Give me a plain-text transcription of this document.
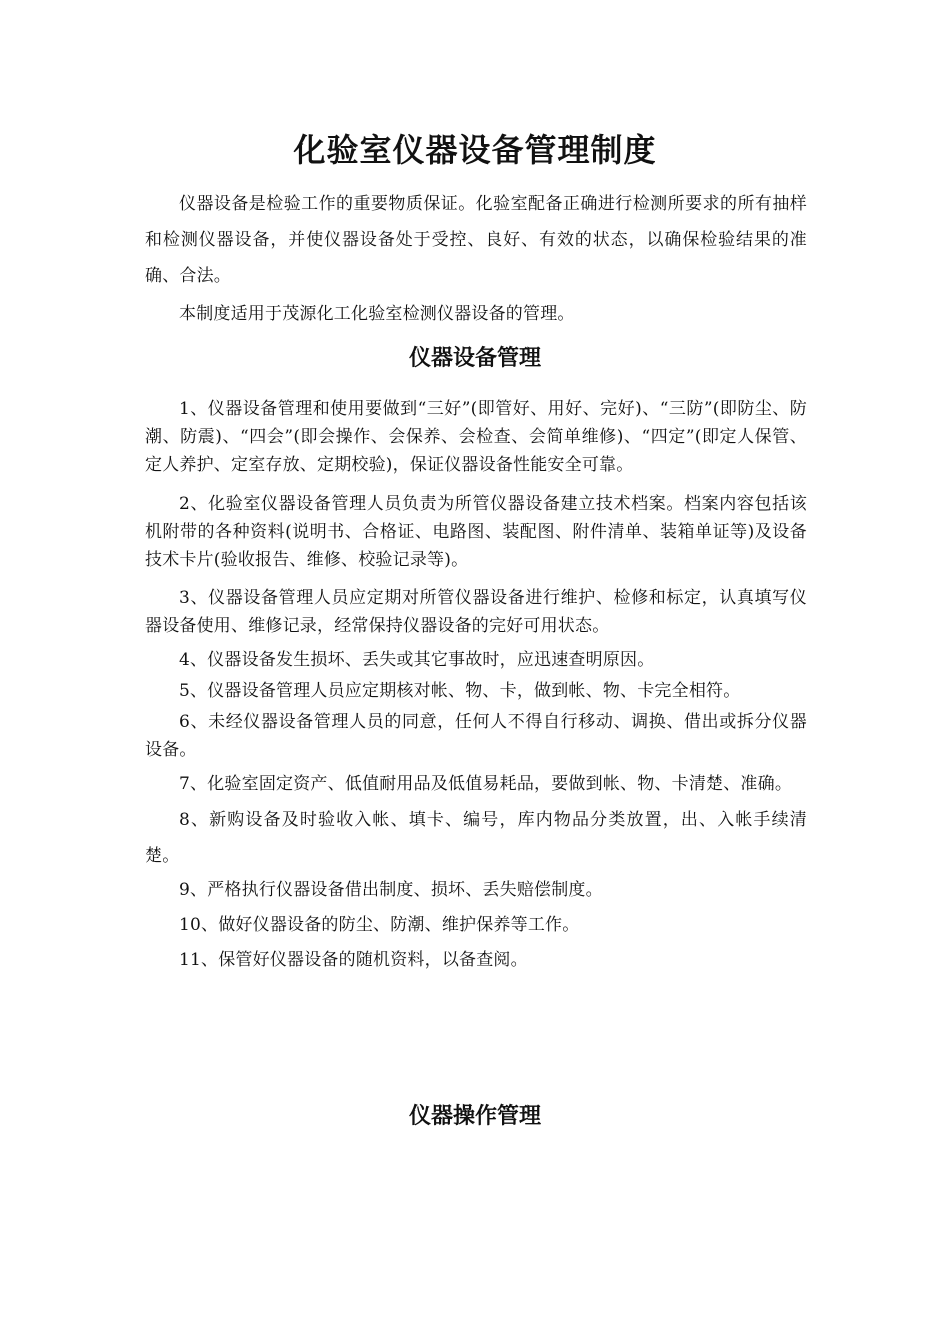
化验室仪器设备管理制度

仪器设备是检验工作的重要物质保证。化验室配备正确进行检测所要求的所有抽样和检测仪器设备，并使仪器设备处于受控、良好、有效的状态，以确保检验结果的准确、合法。

本制度适用于茂源化工化验室检测仪器设备的管理。

仪器设备管理

1、仪器设备管理和使用要做到“三好”(即管好、用好、完好)、“三防”(即防尘、防潮、防震)、“四会”(即会操作、会保养、会检查、会简单维修)、“四定”(即定人保管、定人养护、定室存放、定期校验)，保证仪器设备性能安全可靠。

2、化验室仪器设备管理人员负责为所管仪器设备建立技术档案。档案内容包括该机附带的各种资料(说明书、合格证、电路图、装配图、附件清单、装箱单证等)及设备技术卡片(验收报告、维修、校验记录等)。

3、仪器设备管理人员应定期对所管仪器设备进行维护、检修和标定，认真填写仪器设备使用、维修记录，经常保持仪器设备的完好可用状态。

4、仪器设备发生损坏、丢失或其它事故时，应迅速查明原因。

5、仪器设备管理人员应定期核对帐、物、卡，做到帐、物、卡完全相符。

6、未经仪器设备管理人员的同意，任何人不得自行移动、调换、借出或拆分仪器设备。

7、化验室固定资产、低值耐用品及低值易耗品，要做到帐、物、卡清楚、准确。

8、新购设备及时验收入帐、填卡、编号，库内物品分类放置，出、入帐手续清楚。

9、严格执行仪器设备借出制度、损坏、丢失赔偿制度。

10、做好仪器设备的防尘、防潮、维护保养等工作。

11、保管好仪器设备的随机资料，以备查阅。

仪器操作管理
